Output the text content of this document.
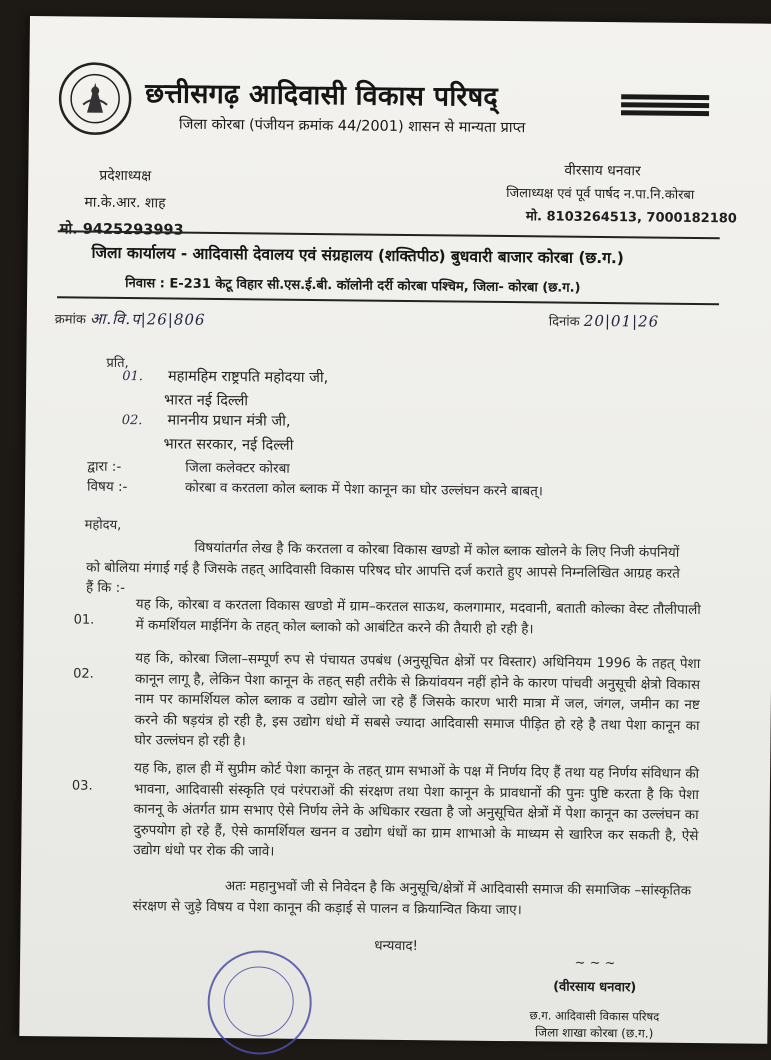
छत्तीसगढ़ आदिवासी विकास परिषद्
जिला कोरबा (पंजीयन क्रमांक 44/2001) शासन से मान्यता प्राप्त
प्रदेशाध्यक्ष
मा.के.आर. शाह
मो. 9425293993
वीरसाय धनवार
जिलाध्यक्ष एवं पूर्व पार्षद न.पा.नि.कोरबा
मो. 8103264513, 7000182180
जिला कार्यालय - आदिवासी देवालय एवं संग्रहालय (शक्तिपीठ) बुधवारी बाजार कोरबा (छ.ग.)
निवास : E-231 केटू विहार सी.एस.ई.बी. कॉलोनी दर्री कोरबा पश्चिम, जिला- कोरबा (छ.ग.)
क्रमांक आ.वि.प|26|806	दिनांक 20|01|26
प्रति,
01. महामहिम राष्ट्रपति महोदया जी,
भारत नई दिल्ली
02. माननीय प्रधान मंत्री जी,
भारत सरकार, नई दिल्ली
द्वारा :-	जिला कलेक्टर कोरबा
विषय :-	कोरबा व करतला कोल ब्लाक में पेशा कानून का घोर उल्लंघन करने बाबत्।
महोदय,
विषयांतर्गत लेख है कि करतला व कोरबा विकास खण्डो में कोल ब्लाक खोलने के लिए निजी कंपनियों को बोलिया मंगाई गई है जिसके तहत् आदिवासी विकास परिषद घोर आपत्ति दर्ज कराते हुए आपसे निम्नलिखित आग्रह करते हैं कि :-
01.
यह कि, कोरबा व करतला विकास खण्डो में ग्राम–करतल साऊथ, कलगामार, मदवानी, बताती कोल्का वेस्ट तौलीपाली में कमर्शियल माईनिंग के तहत् कोल ब्लाको को आबंटित करने की तैयारी हो रही है।
02.
यह कि, कोरबा जिला–सम्पूर्ण रुप से पंचायत उपबंध (अनुसूचित क्षेत्रों पर विस्तार) अधिनियम 1996 के तहत् पेशा कानून लागू है, लेकिन पेशा कानून के तहत् सही तरीके से क्रियांवयन नहीं होने के कारण पांचवी अनुसूची क्षेत्रो विकास नाम पर कामर्शियल कोल ब्लाक व उद्योग खोले जा रहे हैं जिसके कारण भारी मात्रा में जल, जंगल, जमीन का नष्ट करने की षड़यंत्र हो रही है, इस उद्योग धंधो में सबसे ज्यादा आदिवासी समाज पीड़ित हो रहे है तथा पेशा कानून का घोर उल्लंघन हो रही है।
03.
यह कि, हाल ही में सुप्रीम कोर्ट पेशा कानून के तहत् ग्राम सभाओं के पक्ष में निर्णय दिए हैं तथा यह निर्णय संविधान की भावना, आदिवासी संस्कृति एवं परंपराओं की संरक्षण तथा पेशा कानून के प्रावधानों की पुनः पुष्टि करता है कि पेशा काननू के अंतर्गत ग्राम सभाए ऐसे निर्णय लेने के अधिकार रखता है जो अनुसूचित क्षेत्रों में पेशा कानून का उल्लंघन का दुरुपयोग हो रहे हैं, ऐसे कामर्शियल खनन व उद्योग धंधों का ग्राम शाभाओ के माध्यम से खारिज कर सकती है, ऐसे उद्योग धंधो पर रोक की जावे।
अतः महानुभवों जी से निवेदन है कि अनुसूचि/क्षेत्रों में आदिवासी समाज की समाजिक –सांस्कृतिक संरक्षण से जुड़े विषय व पेशा कानून की कड़ाई से पालन व क्रियान्वित किया जाए।
धन्यवाद!
~ ~ ~
(वीरसाय धनवार)
छ.ग. आदिवासी विकास परिषद
जिला शाखा कोरबा (छ.ग.)
